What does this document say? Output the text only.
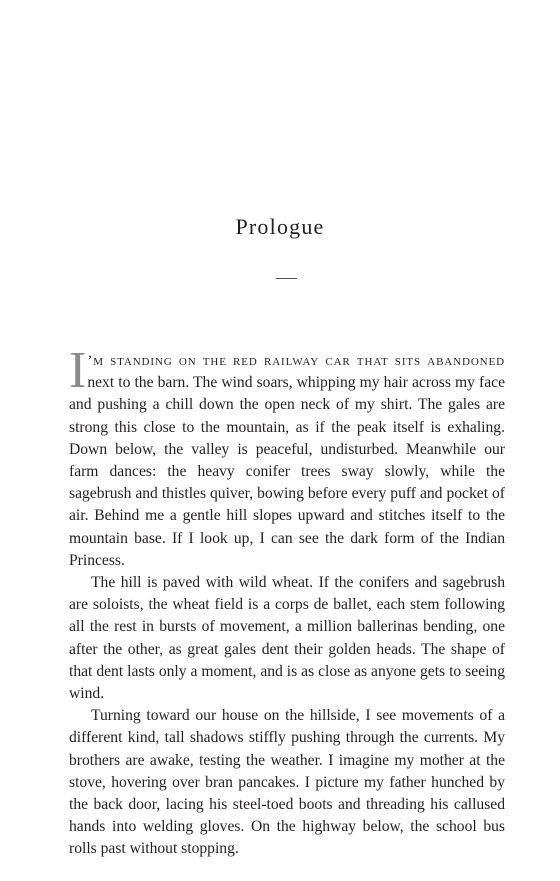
Prologue

I ’m standing on the red railway car that sits abandoned next to the barn. The wind soars, whipping my hair across my face and pushing a chill down the open neck of my shirt. The gales are strong this close to the mountain, as if the peak itself is exhaling. Down below, the valley is peaceful, undisturbed. Meanwhile our farm dances: the heavy conifer trees sway slowly, while the sagebrush and thistles quiver, bowing before every puff and pocket of air. Behind me a gentle hill slopes upward and stitches itself to the mountain base. If I look up, I can see the dark form of the Indian Princess.

The hill is paved with wild wheat. If the conifers and sagebrush are soloists, the wheat field is a corps de ballet, each stem following all the rest in bursts of movement, a million ballerinas bending, one after the other, as great gales dent their golden heads. The shape of that dent lasts only a moment, and is as close as anyone gets to seeing wind.

Turning toward our house on the hillside, I see movements of a different kind, tall shadows stiffly pushing through the currents. My brothers are awake, testing the weather. I imagine my mother at the stove, hovering over bran pancakes. I picture my father hunched by the back door, lacing his steel-toed boots and threading his callused hands into welding gloves. On the highway below, the school bus rolls past without stopping.
